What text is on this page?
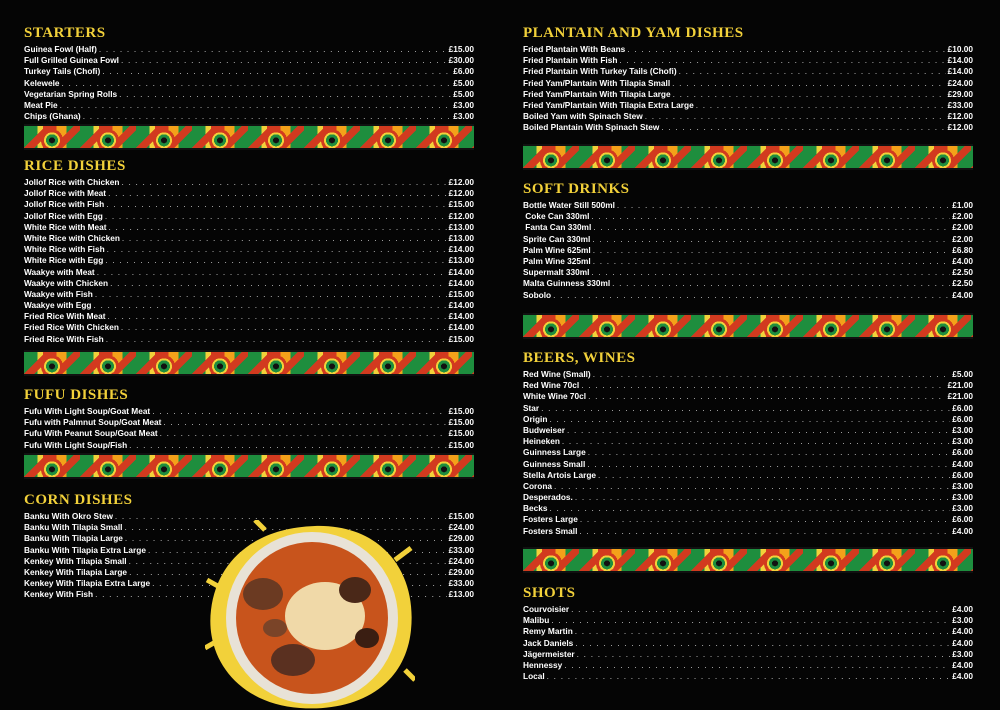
STARTERS
Guinea Fowl (Half) . . .	£15.00
Full Grilled Guinea Fowl . . .	£30.00
Turkey Tails (Chofi) . . .	£6.00
Kelewele . . .	£5.00
Vegetarian Spring Rolls . . .	£5.00
Meat Pie . . .	£3.00
Chips (Ghana) . . .	£3.00
RICE DISHES
Jollof Rice with Chicken . . .	£12.00
Jollof Rice with Meat . . .	£12.00
Jollof Rice with Fish . . .	£15.00
Jollof Rice with Egg . . .	£12.00
White Rice with Meat . . .	£13.00
White Rice with Chicken . . .	£13.00
White Rice with Fish . . .	£14.00
White Rice with Egg . . .	£13.00
Waakye with Meat . . .	£14.00
Waakye with Chicken . . .	£14.00
Waakye with Fish . . .	£15.00
Waakye with Egg . . .	£14.00
Fried Rice With Meat . . .	£14.00
Fried Rice With Chicken . . .	£14.00
Fried Rice With Fish . . .	£15.00
FUFU DISHES
Fufu With Light Soup/Goat Meat . . .	£15.00
Fufu with Palmnut Soup/Goat Meat . . .	£15.00
Fufu With Peanut Soup/Goat Meat . . .	£15.00
Fufu With Light Soup/Fish . . .	£15.00
CORN DISHES
Banku With Okro Stew . . .	£15.00
Banku With Tilapia Small . . .	£24.00
Banku With Tilapia Large . . .	£29.00
Banku With Tilapia Extra Large . . .	£33.00
Kenkey With Tilapia Small . . .	£24.00
Kenkey With Tilapia Large . . .	£29.00
Kenkey With Tilapia Extra Large . . .	£33.00
Kenkey With Fish . . .	£13.00
PLANTAIN AND YAM DISHES
Fried Plantain With Beans . . .	£10.00
Fried Plantain With Fish . . .	£14.00
Fried Plantain With Turkey Tails (Chofi) . . .	£14.00
Fried Yam/Plantain With Tilapia Small . . .	£24.00
Fried Yam/Plantain With Tilapia Large . . .	£29.00
Fried Yam/Plantain With Tilapia Extra Large . . .	£33.00
Boiled Yam with Spinach Stew . . .	£12.00
Boiled Plantain With Spinach Stew . . .	£12.00
SOFT DRINKS
Bottle Water Still 500ml . . .	£1.00
Coke Can 330ml . . .	£2.00
Fanta Can 330ml . . .	£2.00
Sprite Can 330ml . . .	£2.00
Palm Wine 625ml . . .	£6.80
Palm Wine 325ml . . .	£4.00
Supermalt 330ml . . .	£2.50
Malta Guinness 330ml . . .	£2.50
Sobolo . . .	£4.00
BEERS, WINES
Red Wine (Small) . . .	£5.00
Red Wine 70cl . . .	£21.00
White Wine 70cl . . .	£21.00
Star . . .	£6.00
Origin . . .	£6.00
Budweiser . . .	£3.00
Heineken . . .	£3.00
Guinness Large . . .	£6.00
Guinness Small . . .	£4.00
Stella Artois Large . . .	£6.00
Corona . . .	£3.00
Desperados. . . .	£3.00
Becks . . .	£3.00
Fosters Large . . .	£6.00
Fosters Small . . .	£4.00
SHOTS
Courvoisier . . .	£4.00
Malibu . . .	£3.00
Remy Martin . . .	£4.00
Jack Daniels . . .	£4.00
Jägermeister . . .	£3.00
Hennessy . . .	£4.00
Local . . .	£4.00
